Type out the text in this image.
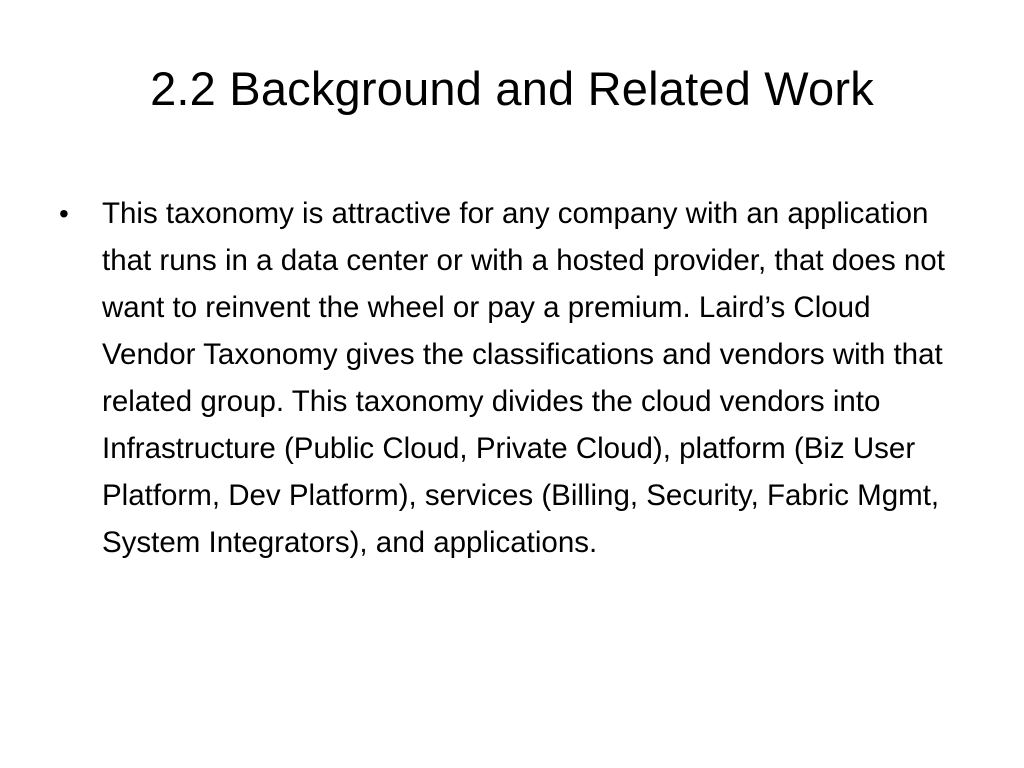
2.2 Background and Related Work
• This taxonomy is attractive for any company with an application that runs in a data center or with a hosted provider, that does not want to reinvent the wheel or pay a premium. Laird’s Cloud Vendor Taxonomy gives the classifications and vendors with that related group. This taxonomy divides the cloud vendors into Infrastructure (Public Cloud, Private Cloud), platform (Biz User Platform, Dev Platform), services (Billing, Security, Fabric Mgmt, System Integrators), and applications.
